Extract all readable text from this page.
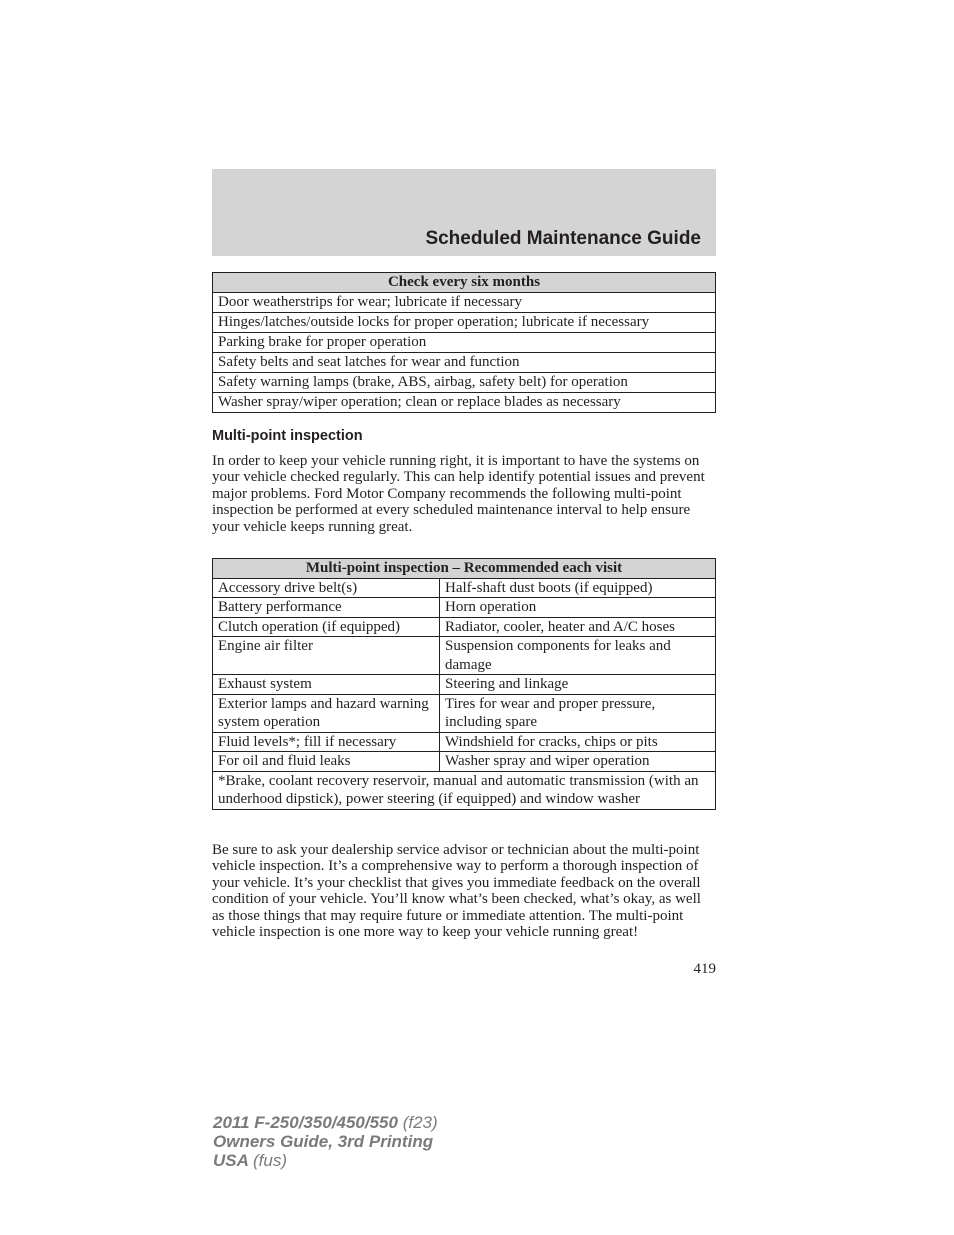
Scheduled Maintenance Guide
Check every six months
Door weatherstrips for wear; lubricate if necessary
Hinges/latches/outside locks for proper operation; lubricate if necessary
Parking brake for proper operation
Safety belts and seat latches for wear and function
Safety warning lamps (brake, ABS, airbag, safety belt) for operation
Washer spray/wiper operation; clean or replace blades as necessary
Multi-point inspection

In order to keep your vehicle running right, it is important to have the systems on your vehicle checked regularly. This can help identify potential issues and prevent major problems. Ford Motor Company recommends the following multi-point inspection be performed at every scheduled maintenance interval to help ensure your vehicle keeps running great.

Multi-point inspection – Recommended each visit	
Accessory drive belt(s)	Half-shaft dust boots (if equipped)
Battery performance	Horn operation
Clutch operation (if equipped)	Radiator, cooler, heater and A/C hoses
Engine air filter	Suspension components for leaks and damage
Exhaust system	Steering and linkage
Exterior lamps and hazard warning system operation	Tires for wear and proper pressure, including spare
Fluid levels*; fill if necessary	Windshield for cracks, chips or pits
For oil and fluid leaks	Washer spray and wiper operation
*Brake, coolant recovery reservoir, manual and automatic transmission (with an underhood dipstick), power steering (if equipped) and window washer	

Be sure to ask your dealership service advisor or technician about the multi-point vehicle inspection. It’s a comprehensive way to perform a thorough inspection of your vehicle. It’s your checklist that gives you immediate feedback on the overall condition of your vehicle. You’ll know what’s been checked, what’s okay, as well as those things that may require future or immediate attention. The multi-point vehicle inspection is one more way to keep your vehicle running great!

419
2011 F-250/350/450/550 (f23)
Owners Guide, 3rd Printing
USA (fus)
